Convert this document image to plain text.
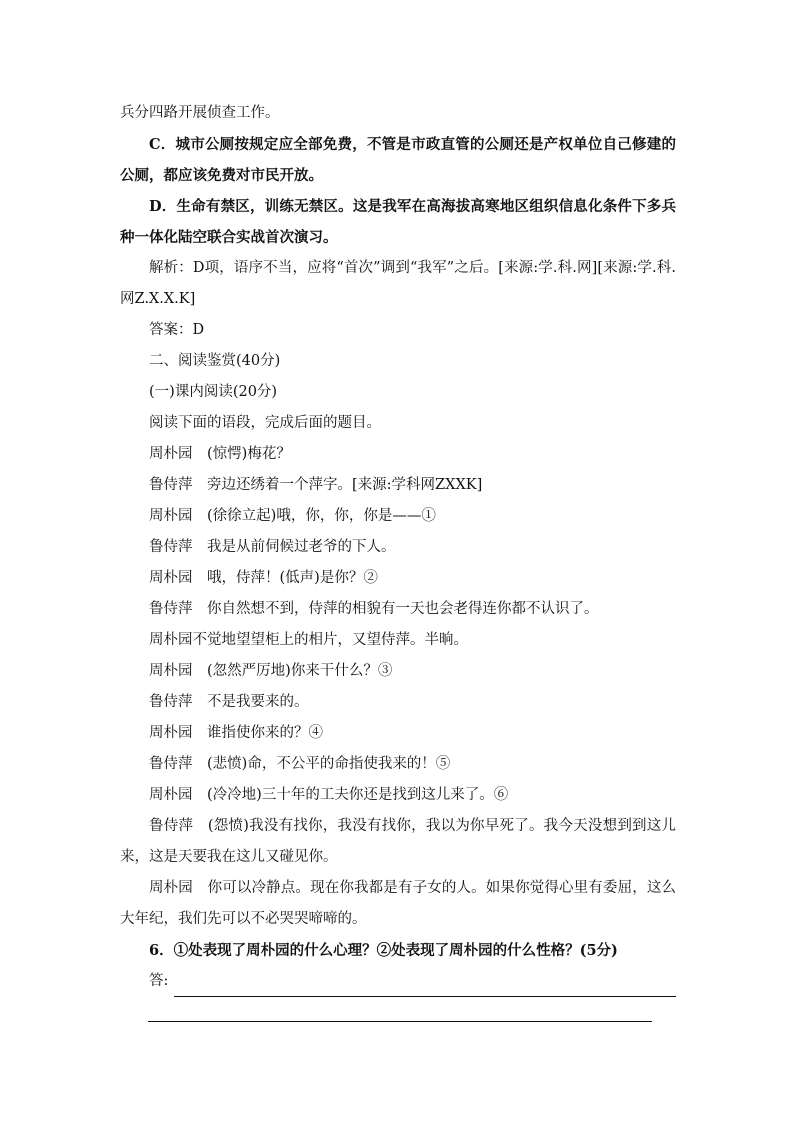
兵分四路开展侦查工作。

C．城市公厕按规定应全部免费，不管是市政直管的公厕还是产权单位自己修建的公厕，都应该免费对市民开放。

D．生命有禁区，训练无禁区。这是我军在高海拔高寒地区组织信息化条件下多兵种一体化陆空联合实战首次演习。

解析：D项，语序不当，应将“首次”调到“我军”之后。[来源:学.科.网][来源:学.科.网Z.X.X.K]

答案：D

二、阅读鉴赏(40分)

(一)课内阅读(20分)

阅读下面的语段，完成后面的题目。

周朴园　(惊愕)梅花？

鲁侍萍　旁边还绣着一个萍字。[来源:学科网ZXXK]

周朴园　(徐徐立起)哦，你，你，你是——①

鲁侍萍　我是从前伺候过老爷的下人。

周朴园　哦，侍萍！(低声)是你？②

鲁侍萍　你自然想不到，侍萍的相貌有一天也会老得连你都不认识了。

周朴园不觉地望望柜上的相片，又望侍萍。半晌。

周朴园　(忽然严厉地)你来干什么？③

鲁侍萍　不是我要来的。

周朴园　谁指使你来的？④

鲁侍萍　(悲愤)命，不公平的命指使我来的！⑤

周朴园　(冷冷地)三十年的工夫你还是找到这儿来了。⑥

鲁侍萍　(怨愤)我没有找你，我没有找你，我以为你早死了。我今天没想到到这儿来，这是天要我在这儿又碰见你。

周朴园　你可以冷静点。现在你我都是有子女的人。如果你觉得心里有委屈，这么大年纪，我们先可以不必哭哭啼啼的。

6．①处表现了周朴园的什么心理？②处表现了周朴园的什么性格？(5分)

答:
